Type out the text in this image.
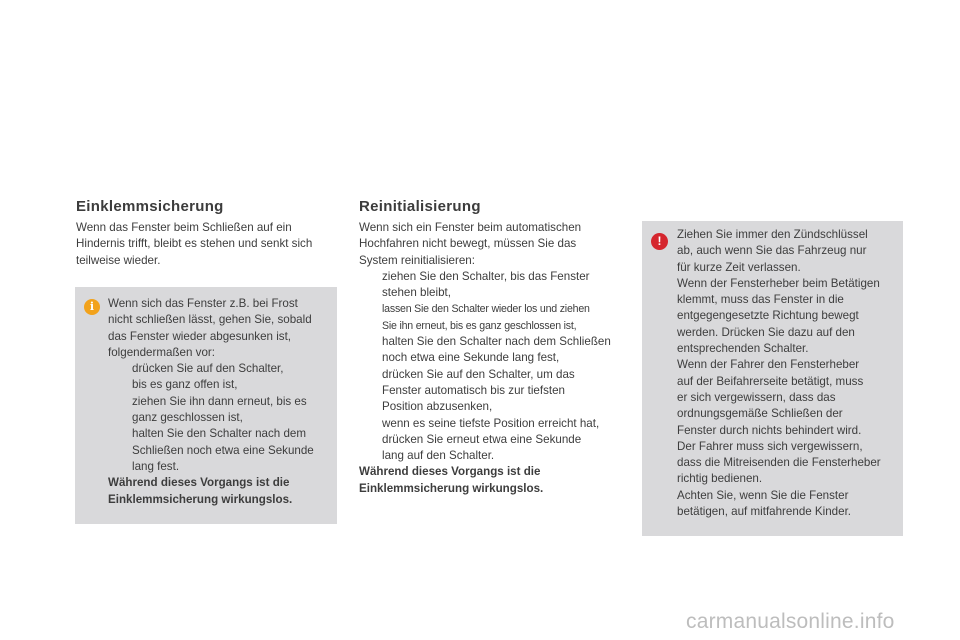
Einklemmsicherung

Wenn das Fenster beim Schließen auf ein
Hindernis trifft, bleibt es stehen und senkt sich
teilweise wieder.

i	Wenn sich das Fenster z.B. bei Frost
nicht schließen lässt, gehen Sie, sobald
das Fenster wieder abgesunken ist,
folgendermaßen vor:
drücken Sie auf den Schalter,
bis es ganz offen ist,
ziehen Sie ihn dann erneut, bis es
ganz geschlossen ist,
halten Sie den Schalter nach dem
Schließen noch etwa eine Sekunde
lang fest.
Während dieses Vorgangs ist die
Einklemmsicherung wirkungslos.
Reinitialisierung
Wenn sich ein Fenster beim automatischen
Hochfahren nicht bewegt, müssen Sie das
System reinitialisieren:
ziehen Sie den Schalter, bis das Fenster
stehen bleibt,
lassen Sie den Schalter wieder los und ziehen
Sie ihn erneut, bis es ganz geschlossen ist,
halten Sie den Schalter nach dem Schließen
noch etwa eine Sekunde lang fest,
drücken Sie auf den Schalter, um das
Fenster automatisch bis zur tiefsten
Position abzusenken,
wenn es seine tiefste Position erreicht hat,
drücken Sie erneut etwa eine Sekunde
lang auf den Schalter.
Während dieses Vorgangs ist die
Einklemmsicherung wirkungslos.
!	Ziehen Sie immer den Zündschlüssel
ab, auch wenn Sie das Fahrzeug nur
für kurze Zeit verlassen.
Wenn der Fensterheber beim Betätigen
klemmt, muss das Fenster in die
entgegengesetzte Richtung bewegt
werden. Drücken Sie dazu auf den
entsprechenden Schalter.
Wenn der Fahrer den Fensterheber
auf der Beifahrerseite betätigt, muss
er sich vergewissern, dass das
ordnungsgemäße Schließen der
Fenster durch nichts behindert wird.
Der Fahrer muss sich vergewissern,
dass die Mitreisenden die Fensterheber
richtig bedienen.
Achten Sie, wenn Sie die Fenster
betätigen, auf mitfahrende Kinder.
carmanualsonline.info
